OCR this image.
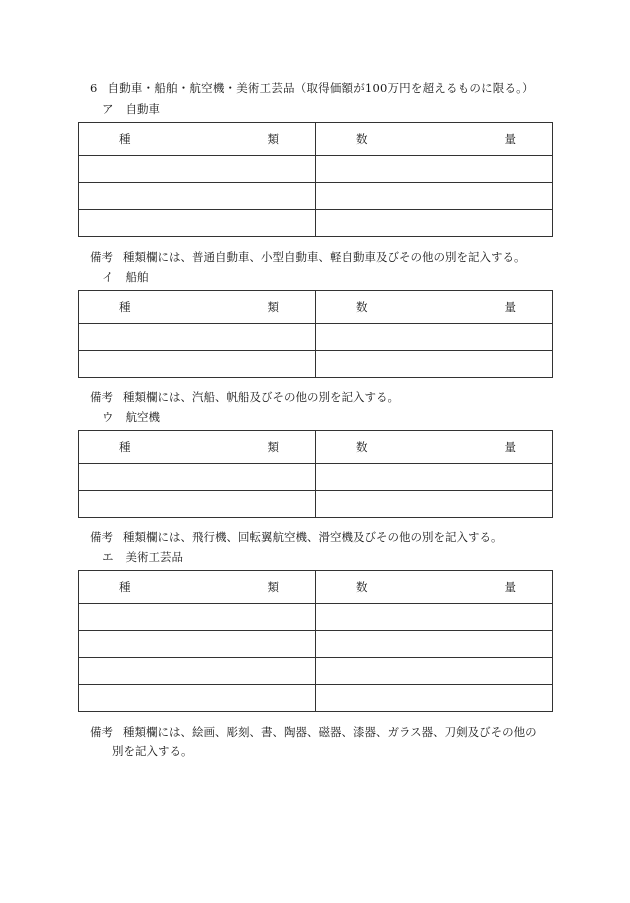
6 自動車・船舶・航空機・美術工芸品（取得価額が100万円を超えるものに限る。）
ア 自動車
種 類	数 量

備考 種類欄には、普通自動車、小型自動車、軽自動車及びその他の別を記入する。
イ 船舶
種 類	数 量

備考 種類欄には、汽船、帆船及びその他の別を記入する。
ウ 航空機
種 類	数 量

備考 種類欄には、飛行機、回転翼航空機、滑空機及びその他の別を記入する。
エ 美術工芸品
種 類	数 量

備考 種類欄には、絵画、彫刻、書、陶器、磁器、漆器、ガラス器、刀剣及びその他の
別を記入する。
